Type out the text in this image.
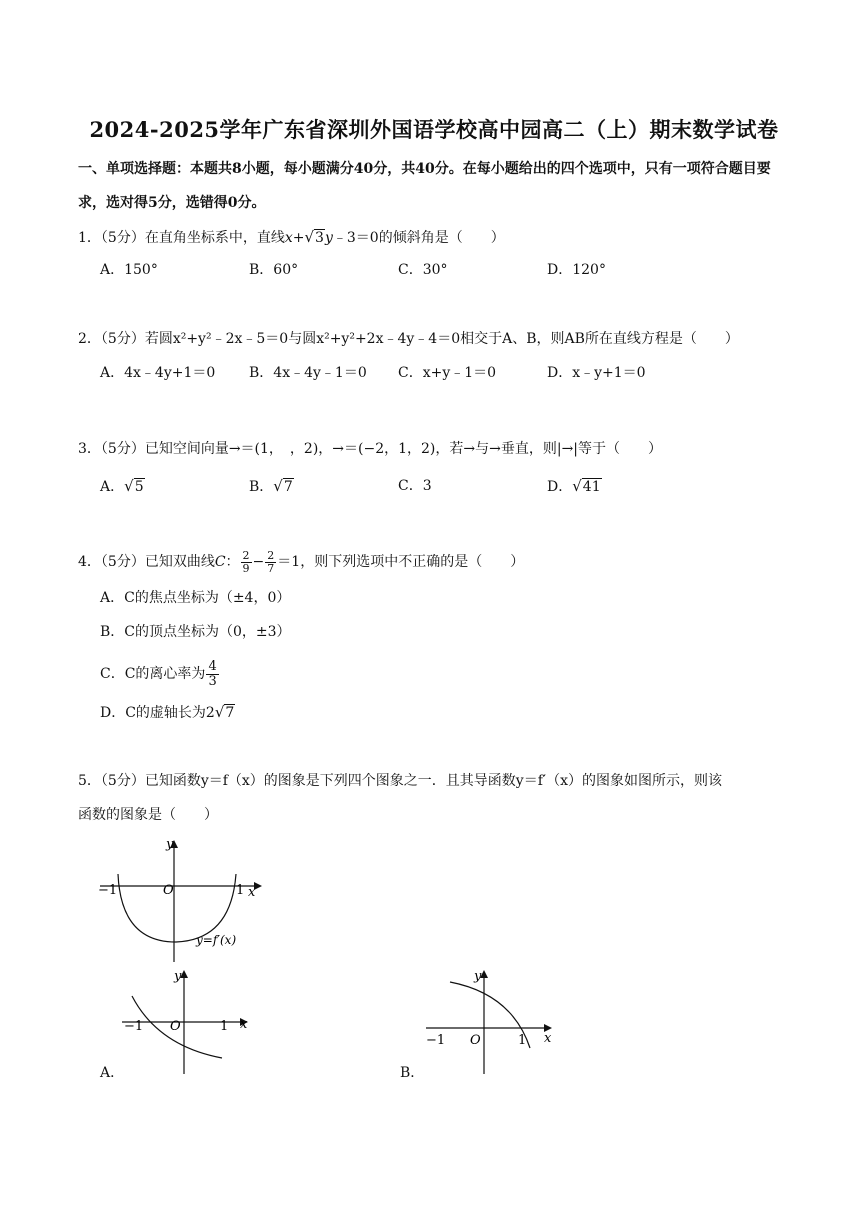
2024-2025学年广东省深圳外国语学校高中园高二（上）期末数学试卷
一、单项选择题：本题共8小题，每小题满分40分，共40分。在每小题给出的四个选项中，只有一项符合题目要求，选对得5分，选错得0分。
1．（5分）在直角坐标系中，直线x+√3y﹣3＝0的倾斜角是（　　）
A．150°	B．60°	C．30°	D．120°
2．（5分）若圆x²+y²﹣2x﹣5＝0与圆x²+y²+2x﹣4y﹣4＝0相交于A、B，则AB所在直线方程是（　　）
A．4x﹣4y+1＝0	B．4x﹣4y﹣1＝0	C．x+y﹣1＝0	D．x﹣y+1＝0
3．（5分）已知空间向量→＝(1，　，2)，→＝(−2，1，2)，若→与→垂直，则|→|等于（　　）
A．√5	B．√7	C．3	D．√41
4．（5分）已知双曲线C： $\frac{2}{9} - \frac{2}{7} =1$，则下列选项中不正确的是（　　）
A．C的焦点坐标为（±4，0）
B．C的顶点坐标为（0，±3）
C．C的离心率为 $\frac{4}{3}$
D．C的虚轴长为2√7
5．（5分）已知函数y＝f（x）的图象是下列四个图象之一．且其导函数y＝f′（x）的图象如图所示，则该
函数的图象是（　　）
y
x
O
−1	1
y=f′(x)
y
x
O
−1	1
A．
y
x
O
−1	1
B．
